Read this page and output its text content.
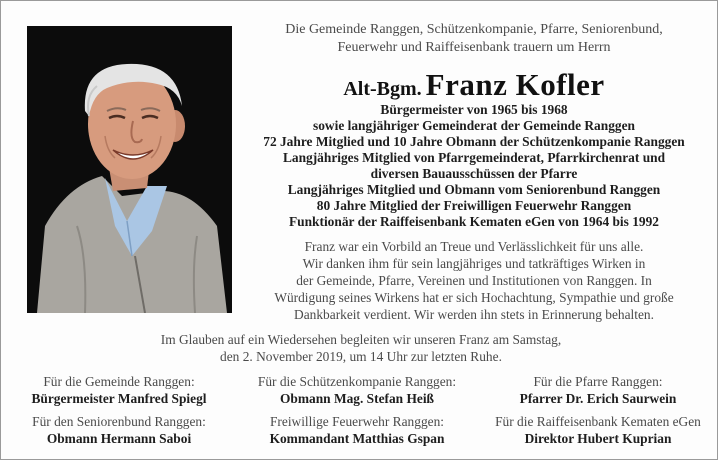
Die Gemeinde Ranggen, Schützenkompanie, Pfarre, Seniorenbund,
Feuerwehr und Raiffeisenbank trauern um Herrn
Alt-Bgm. Franz Kofler
Bürgermeister von 1965 bis 1968
sowie langjähriger Gemeinderat der Gemeinde Ranggen
72 Jahre Mitglied und 10 Jahre Obmann der Schützenkompanie Ranggen
Langjähriges Mitglied von Pfarrgemeinderat, Pfarrkirchenrat und
diversen Bauausschüssen der Pfarre
Langjähriges Mitglied und Obmann vom Seniorenbund Ranggen
80 Jahre Mitglied der Freiwilligen Feuerwehr Ranggen
Funktionär der Raiffeisenbank Kematen eGen von 1964 bis 1992
Franz war ein Vorbild an Treue und Verlässlichkeit für uns alle.
Wir danken ihm für sein langjähriges und tatkräftiges Wirken in
der Gemeinde, Pfarre, Vereinen und Institutionen von Ranggen. In
Würdigung seines Wirkens hat er sich Hochachtung, Sympathie und große
Dankbarkeit verdient. Wir werden ihn stets in Erinnerung behalten.
Im Glauben auf ein Wiedersehen begleiten wir unseren Franz am Samstag,
den 2. November 2019, um 14 Uhr zur letzten Ruhe.
Für die Gemeinde Ranggen:
Bürgermeister Manfred Spiegl
Für die Schützenkompanie Ranggen:
Obmann Mag. Stefan Heiß
Für die Pfarre Ranggen:
Pfarrer Dr. Erich Saurwein
Für den Seniorenbund Ranggen:
Obmann Hermann Saboi
Freiwillige Feuerwehr Ranggen:
Kommandant Matthias Gspan
Für die Raiffeisenbank Kematen eGen
Direktor Hubert Kuprian
